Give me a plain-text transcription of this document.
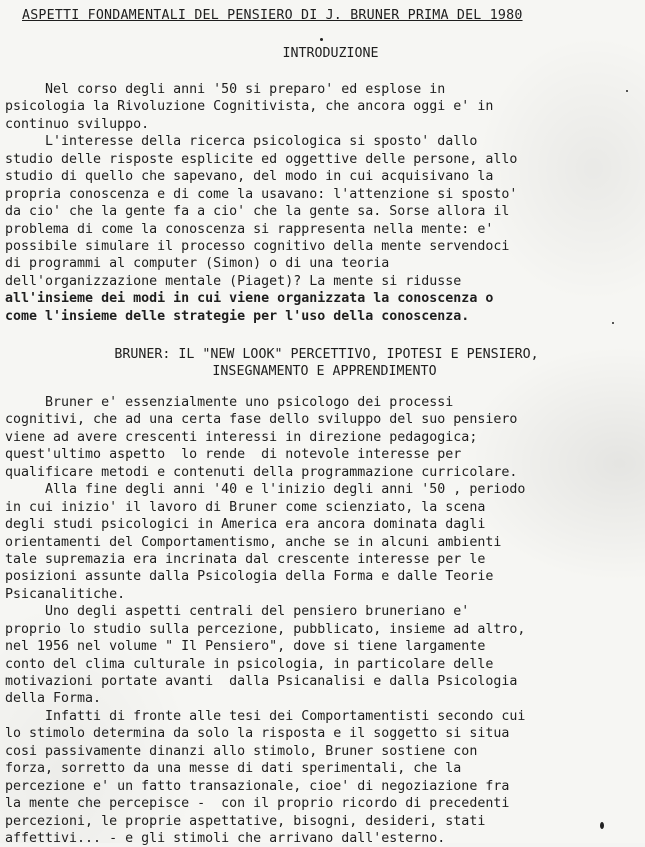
ASPETTI FONDAMENTALI DEL PENSIERO DI J. BRUNER PRIMA DEL 1980
INTRODUZIONE
Nel corso degli anni '50 si preparo' ed esplose in
psicologia la Rivoluzione Cognitivista, che ancora oggi e' in
continuo sviluppo.
L'interesse della ricerca psicologica si sposto' dallo
studio delle risposte esplicite ed oggettive delle persone, allo
studio di quello che sapevano, del modo in cui acquisivano la
propria conoscenza e di come la usavano: l'attenzione si sposto'
da cio' che la gente fa a cio' che la gente sa. Sorse allora il
problema di come la conoscenza si rappresenta nella mente: e'
possibile simulare il processo cognitivo della mente servendoci
di programmi al computer (Simon) o di una teoria
dell'organizzazione mentale (Piaget)? La mente si ridusse
all'insieme dei modi in cui viene organizzata la conoscenza o
come l'insieme delle strategie per l'uso della conoscenza.
BRUNER: IL "NEW LOOK" PERCETTIVO, IPOTESI E PENSIERO,
INSEGNAMENTO E APPRENDIMENTO
Bruner e' essenzialmente uno psicologo dei processi
cognitivi, che ad una certa fase dello sviluppo del suo pensiero
viene ad avere crescenti interessi in direzione pedagogica;
quest'ultimo aspetto  lo rende  di notevole interesse per
qualificare metodi e contenuti della programmazione curricolare.
Alla fine degli anni '40 e l'inizio degli anni '50 , periodo
in cui inizio' il lavoro di Bruner come scienziato, la scena
degli studi psicologici in America era ancora dominata dagli
orientamenti del Comportamentismo, anche se in alcuni ambienti
tale supremazia era incrinata dal crescente interesse per le
posizioni assunte dalla Psicologia della Forma e dalle Teorie
Psicanalitiche.
Uno degli aspetti centrali del pensiero bruneriano e'
proprio lo studio sulla percezione, pubblicato, insieme ad altro,
nel 1956 nel volume " Il Pensiero", dove si tiene largamente
conto del clima culturale in psicologia, in particolare delle
motivazioni portate avanti  dalla Psicanalisi e dalla Psicologia
della Forma.
Infatti di fronte alle tesi dei Comportamentisti secondo cui
lo stimolo determina da solo la risposta e il soggetto si situa
cosi passivamente dinanzi allo stimolo, Bruner sostiene con
forza, sorretto da una messe di dati sperimentali, che la
percezione e' un fatto transazionale, cioe' di negoziazione fra
la mente che percepisce -  con il proprio ricordo di precedenti
percezioni, le proprie aspettative, bisogni, desideri, stati
affettivi... - e gli stimoli che arrivano dall'esterno.
